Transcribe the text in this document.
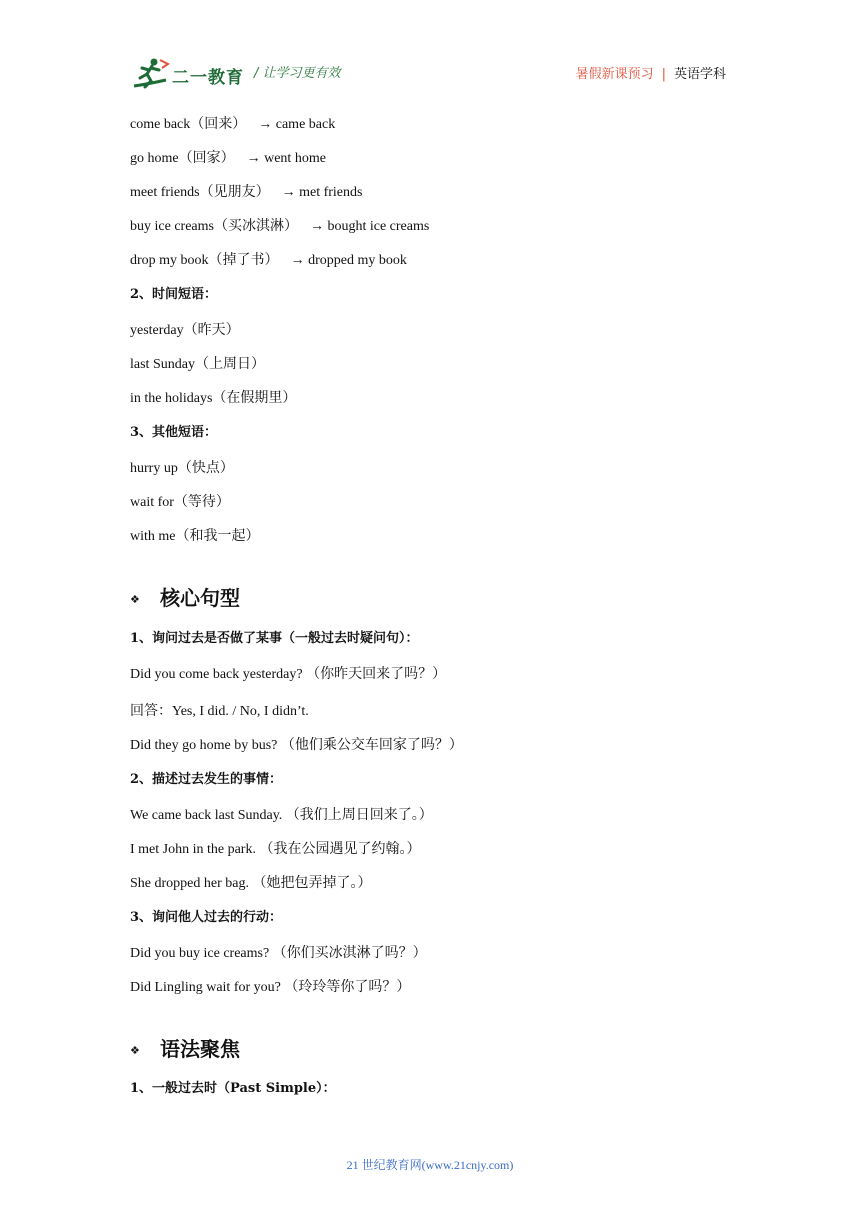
二一教育 / 让学习更有效	暑假新课预习 | 英语学科
come back（回来） → came back
go home（回家） → went home
meet friends（见朋友） → met friends
buy ice creams（买冰淇淋） → bought ice creams
drop my book（掉了书） → dropped my book
2、时间短语：
yesterday（昨天）
last Sunday（上周日）
in the holidays（在假期里）
3、其他短语：
hurry up（快点）
wait for（等待）
with me（和我一起）
❖ 核心句型
1、询问过去是否做了某事（一般过去时疑问句）：
Did you come back yesterday? （你昨天回来了吗？）
回答：Yes, I did. / No, I didn’t.
Did they go home by bus? （他们乘公交车回家了吗？）
2、描述过去发生的事情：
We came back last Sunday. （我们上周日回来了。）
I met John in the park. （我在公园遇见了约翰。）
She dropped her bag. （她把包弄掉了。）
3、询问他人过去的行动：
Did you buy ice creams? （你们买冰淇淋了吗？）
Did Lingling wait for you? （玲玲等你了吗？）
❖ 语法聚焦
1、一般过去时（Past Simple）：
21 世纪教育网(www.21cnjy.com)
